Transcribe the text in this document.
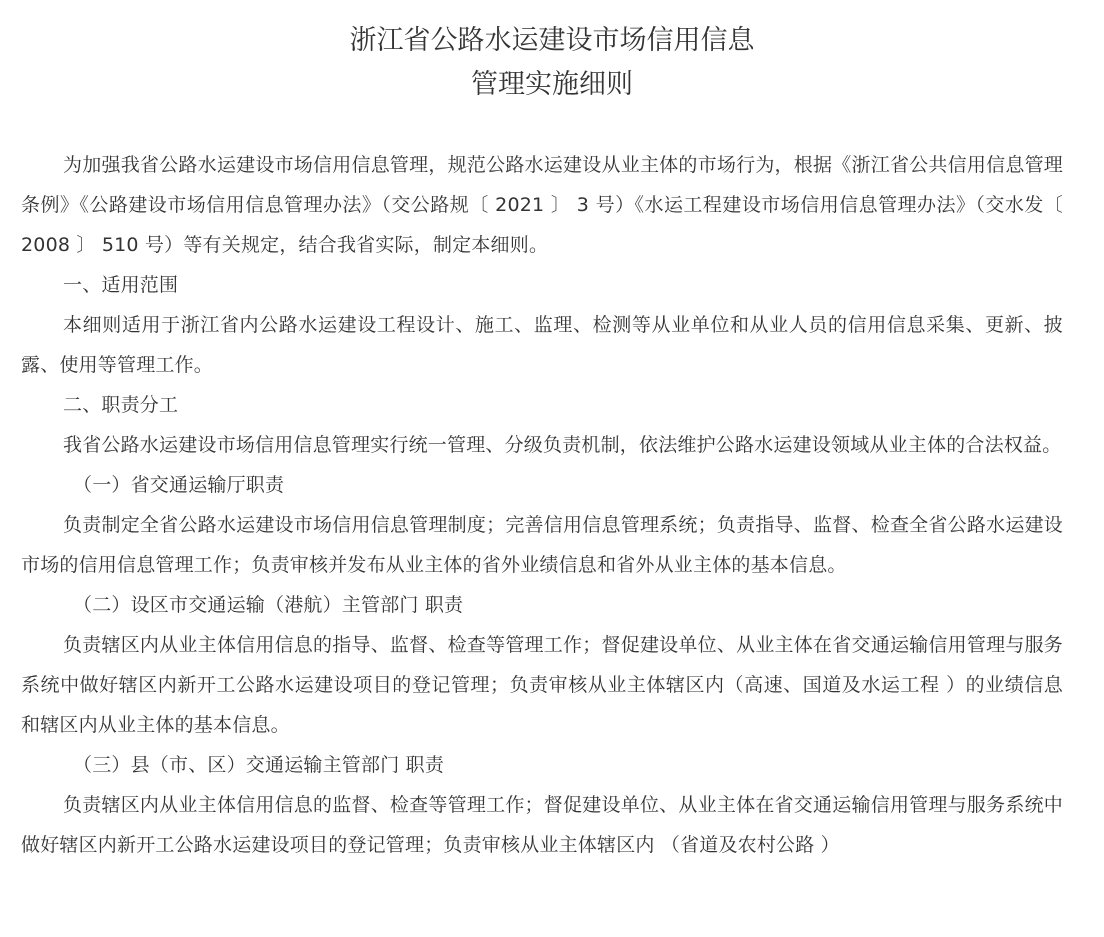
浙江省公路水运建设市场信用信息
管理实施细则

为加强我省公路水运建设市场信用信息管理，规范公路水运建设从业主体的市场行为，根据《浙江省公共信用信息管理条例》《公路建设市场信用信息管理办法》（交公路规〔 2021 〕 3 号）《水运工程建设市场信用信息管理办法》（交水发〔 2008 〕 510 号）等有关规定，结合我省实际，制定本细则。

一、适用范围

本细则适用于浙江省内公路水运建设工程设计、施工、监理、检测等从业单位和从业人员的信用信息采集、更新、披露、使用等管理工作。

二、职责分工

我省公路水运建设市场信用信息管理实行统一管理、分级负责机制，依法维护公路水运建设领域从业主体的合法权益。

（一）省交通运输厅职责

负责制定全省公路水运建设市场信用信息管理制度；完善信用信息管理系统；负责指导、监督、检查全省公路水运建设市场的信用信息管理工作；负责审核并发布从业主体的省外业绩信息和省外从业主体的基本信息。

（二）设区市交通运输（港航）主管部门 职责

负责辖区内从业主体信用信息的指导、监督、检查等管理工作；督促建设单位、从业主体在省交通运输信用管理与服务系统中做好辖区内新开工公路水运建设项目的登记管理；负责审核从业主体辖区内（高速、国道及水运工程 ）的业绩信息和辖区内从业主体的基本信息。

（三）县（市、区）交通运输主管部门 职责

负责辖区内从业主体信用信息的监督、检查等管理工作；督促建设单位、从业主体在省交通运输信用管理与服务系统中做好辖区内新开工公路水运建设项目的登记管理；负责审核从业主体辖区内 （省道及农村公路 ）
